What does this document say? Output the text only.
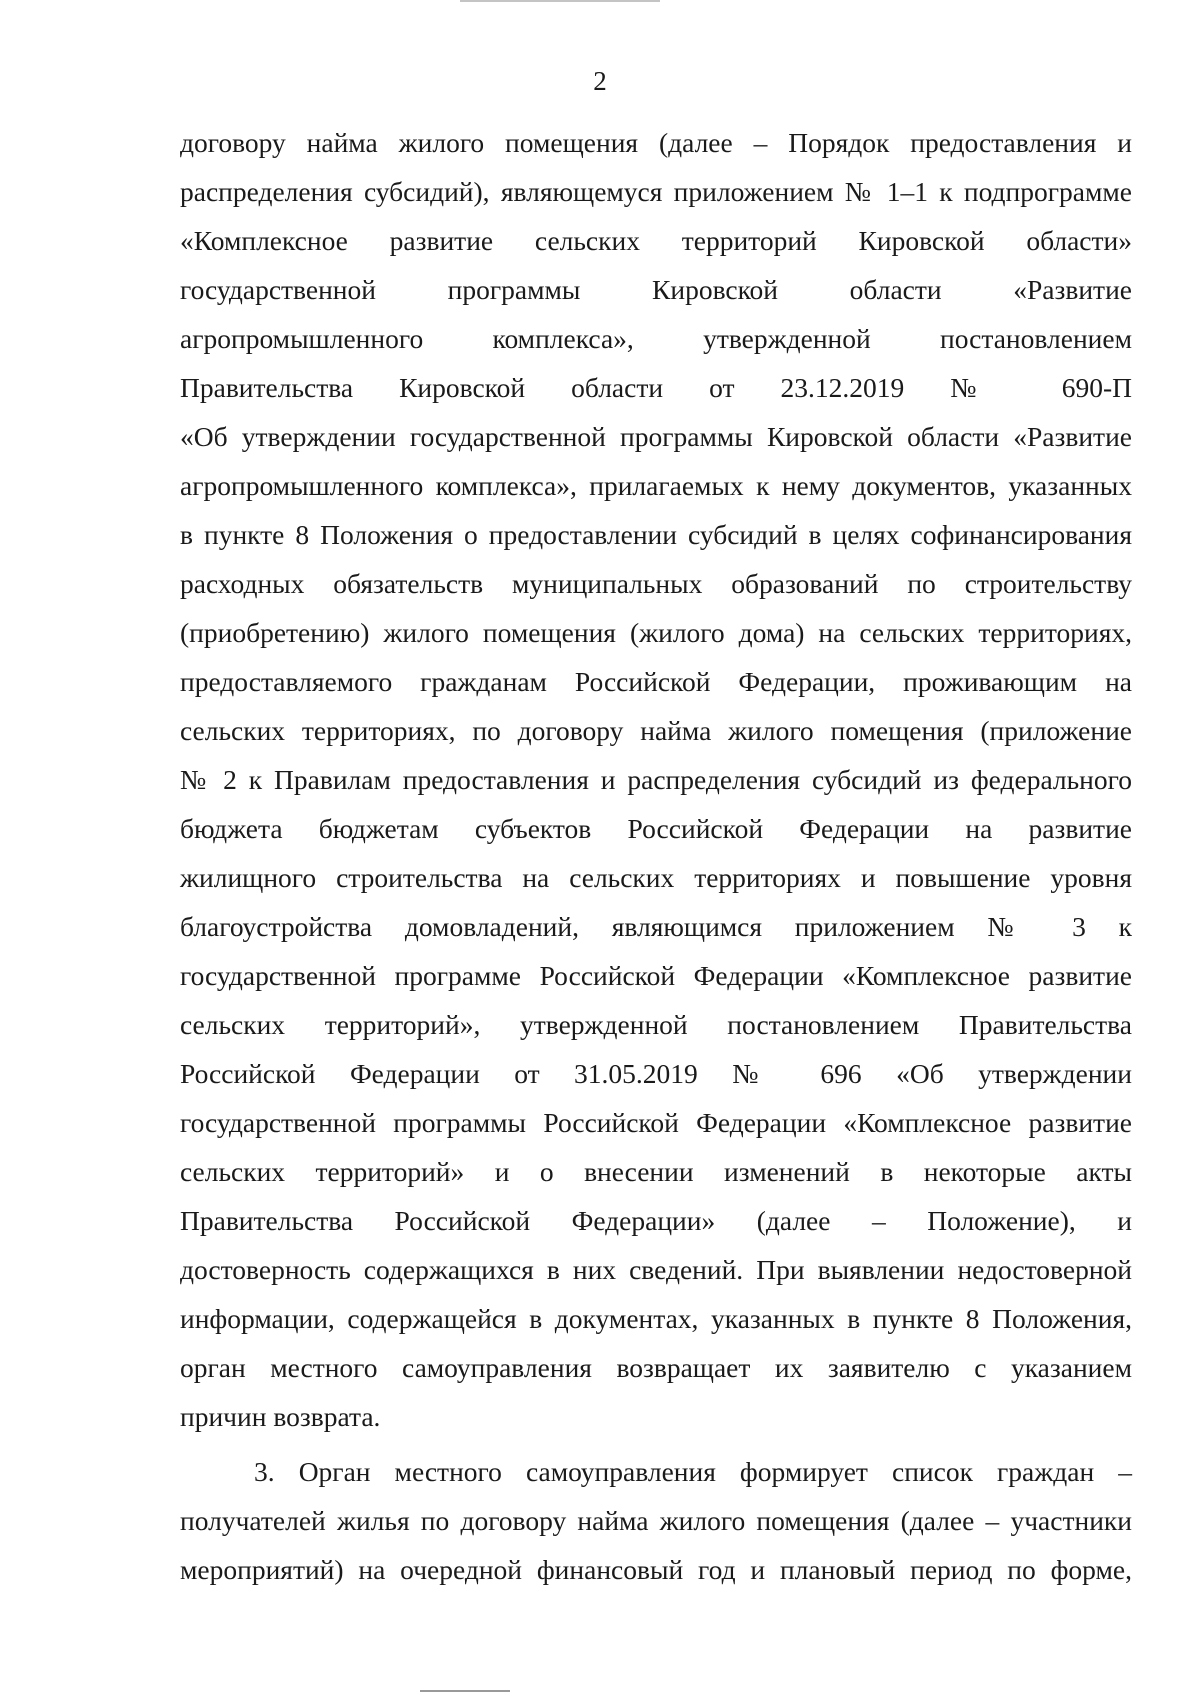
2
договору найма жилого помещения (далее – Порядок предоставления и
распределения субсидий), являющемуся приложением № 1–1 к подпрограмме
«Комплексное развитие сельских территорий Кировской области»
государственной программы Кировской области «Развитие
агропромышленного комплекса», утвержденной постановлением
Правительства Кировской области от 23.12.2019 № 690-П
«Об утверждении государственной программы Кировской области «Развитие
агропромышленного комплекса», прилагаемых к нему документов, указанных
в пункте 8 Положения о предоставлении субсидий в целях софинансирования
расходных обязательств муниципальных образований по строительству
(приобретению) жилого помещения (жилого дома) на сельских территориях,
предоставляемого гражданам Российской Федерации, проживающим на
сельских территориях, по договору найма жилого помещения (приложение
№ 2 к Правилам предоставления и распределения субсидий из федерального
бюджета бюджетам субъектов Российской Федерации на развитие
жилищного строительства на сельских территориях и повышение уровня
благоустройства домовладений, являющимся приложением № 3 к
государственной программе Российской Федерации «Комплексное развитие
сельских территорий», утвержденной постановлением Правительства
Российской Федерации от 31.05.2019 № 696 «Об утверждении
государственной программы Российской Федерации «Комплексное развитие
сельских территорий» и о внесении изменений в некоторые акты
Правительства Российской Федерации» (далее – Положение), и
достоверность содержащихся в них сведений. При выявлении недостоверной
информации, содержащейся в документах, указанных в пункте 8 Положения,
орган местного самоуправления возвращает их заявителю с указанием
причин возврата.
3. Орган местного самоуправления формирует список граждан –
получателей жилья по договору найма жилого помещения (далее – участники
мероприятий) на очередной финансовый год и плановый период по форме,
